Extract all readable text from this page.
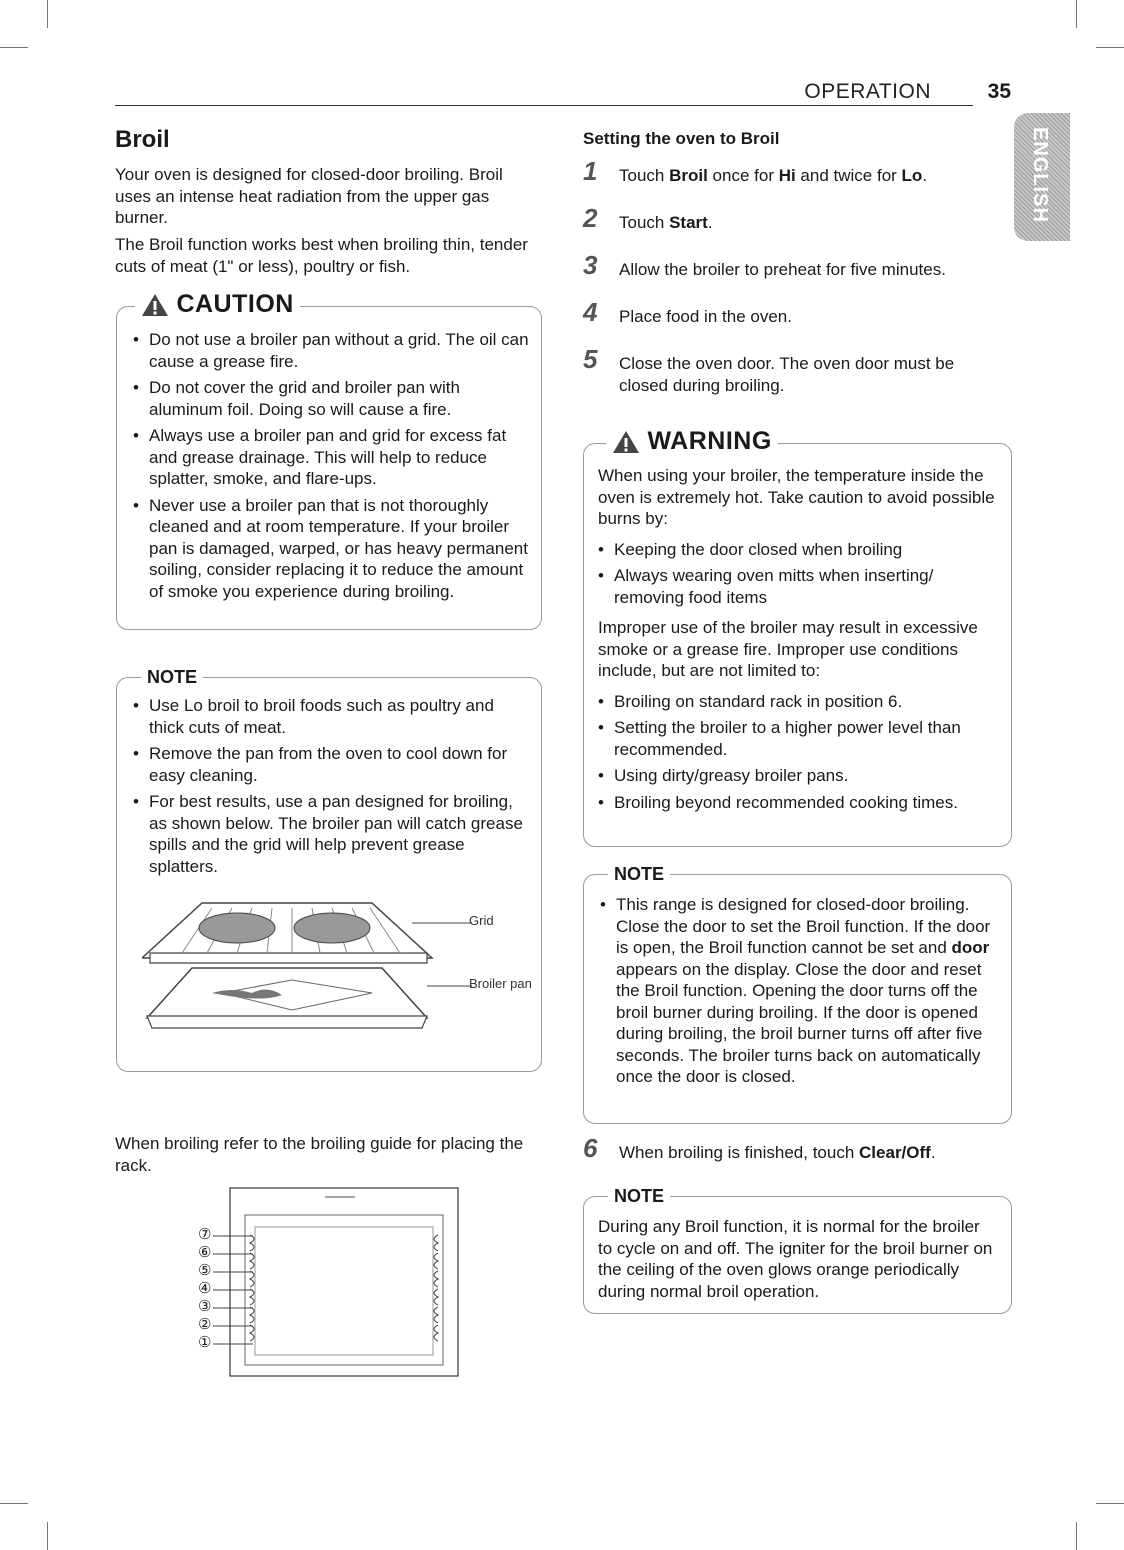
OPERATION	35
ENGLISH
Broil

Your oven is designed for closed-door broiling. Broil uses an intense heat radiation from the upper gas burner.

The Broil function works best when broiling thin, tender cuts of meat (1" or less), poultry or fish.

CAUTION
• Do not use a broiler pan without a grid. The oil can cause a grease fire.
• Do not cover the grid and broiler pan with aluminum foil. Doing so will cause a fire.
• Always use a broiler pan and grid for excess fat and grease drainage. This will help to reduce splatter, smoke, and flare-ups.
• Never use a broiler pan that is not thoroughly cleaned and at room temperature. If your broiler pan is damaged, warped, or has heavy permanent soiling, consider replacing it to reduce the amount of smoke you experience during broiling.
NOTE
• Use Lo broil to broil foods such as poultry and thick cuts of meat.
• Remove the pan from the oven to cool down for easy cleaning.
• For best results, use a pan designed for broiling, as shown below. The broiler pan will catch grease spills and the grid will help prevent grease splatters.
Grid
Broiler pan

When broiling refer to the broiling guide for placing the rack.

⑦
⑥
⑤
④
③
②
①
Setting the oven to Broil
1 Touch Broil once for Hi and twice for Lo.
2 Touch Start.
3 Allow the broiler to preheat for five minutes.
4 Place food in the oven.
5 Close the oven door. The oven door must be closed during broiling.
WARNING
When using your broiler, the temperature inside the oven is extremely hot. Take caution to avoid possible burns by:
• Keeping the door closed when broiling
• Always wearing oven mitts when inserting/ removing food items
Improper use of the broiler may result in excessive smoke or a grease fire. Improper use conditions include, but are not limited to:
• Broiling on standard rack in position 6.
• Setting the broiler to a higher power level than recommended.
• Using dirty/greasy broiler pans.
• Broiling beyond recommended cooking times.
NOTE
• This range is designed for closed-door broiling. Close the door to set the Broil function. If the door is open, the Broil function cannot be set and door appears on the display. Close the door and reset the Broil function. Opening the door turns off the broil burner during broiling. If the door is opened during broiling, the broil burner turns off after five seconds. The broiler turns back on automatically once the door is closed.
6 When broiling is finished, touch Clear/Off.
NOTE
During any Broil function, it is normal for the broiler to cycle on and off. The igniter for the broil burner on the ceiling of the oven glows orange periodically during normal broil operation.
